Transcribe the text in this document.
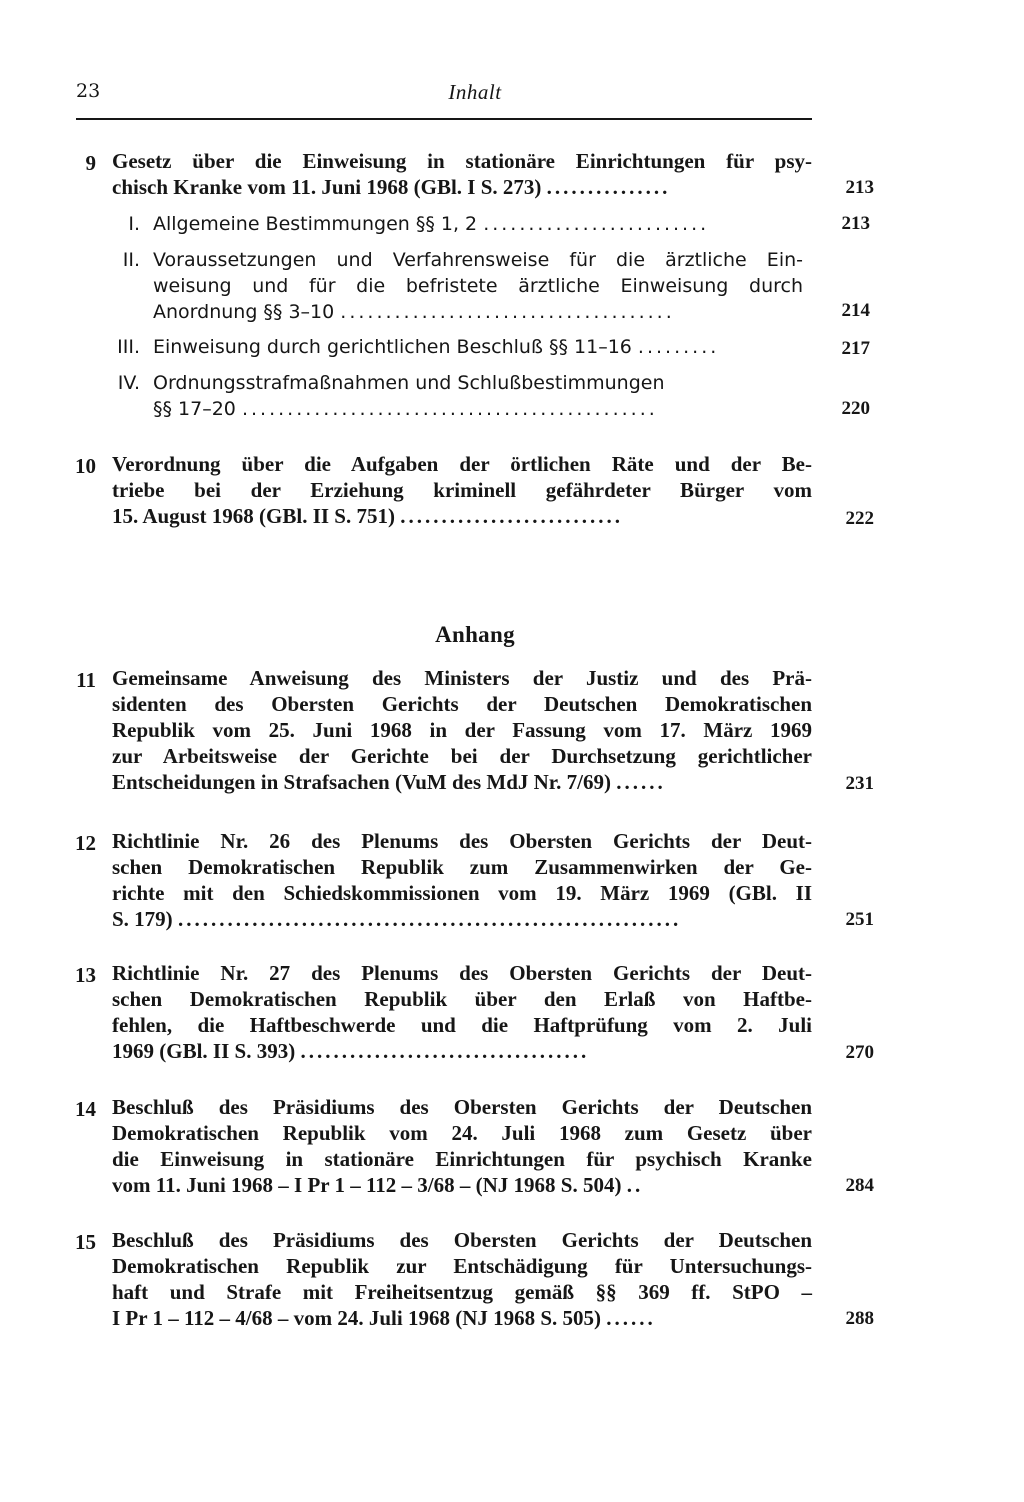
23	Inhalt
9 Gesetz über die Einweisung in stationäre Einrichtungen für psy-
chisch Kranke vom 11. Juni 1968 (GBl. I S. 273) ...............	213
I. Allgemeine Bestimmungen §§ 1, 2 .........................	213
II. Voraussetzungen und Verfahrensweise für die ärztliche Ein-
weisung und für die befristete ärztliche Einweisung durch
Anordnung §§ 3–10 .....................................	214
III. Einweisung durch gerichtlichen Beschluß §§ 11–16 .........	217
IV. Ordnungsstrafmaßnahmen und Schlußbestimmungen
§§ 17–20 ..............................................	220
10 Verordnung über die Aufgaben der örtlichen Räte und der Be-
triebe bei der Erziehung kriminell gefährdeter Bürger vom
15. August 1968 (GBl. II S. 751) ...........................	222
Anhang
11 Gemeinsame Anweisung des Ministers der Justiz und des Prä-
sidenten des Obersten Gerichts der Deutschen Demokratischen
Republik vom 25. Juni 1968 in der Fassung vom 17. März 1969
zur Arbeitsweise der Gerichte bei der Durchsetzung gerichtlicher
Entscheidungen in Strafsachen (VuM des MdJ Nr. 7/69) ......	231
12 Richtlinie Nr. 26 des Plenums des Obersten Gerichts der Deut-
schen Demokratischen Republik zum Zusammenwirken der Ge-
richte mit den Schiedskommissionen vom 19. März 1969 (GBl. II
S. 179) .............................................................	251
13 Richtlinie Nr. 27 des Plenums des Obersten Gerichts der Deut-
schen Demokratischen Republik über den Erlaß von Haftbe-
fehlen, die Haftbeschwerde und die Haftprüfung vom 2. Juli
1969 (GBl. II S. 393) ...................................	270
14 Beschluß des Präsidiums des Obersten Gerichts der Deutschen
Demokratischen Republik vom 24. Juli 1968 zum Gesetz über
die Einweisung in stationäre Einrichtungen für psychisch Kranke
vom 11. Juni 1968 – I Pr 1 – 112 – 3/68 – (NJ 1968 S. 504) ..	284
15 Beschluß des Präsidiums des Obersten Gerichts der Deutschen
Demokratischen Republik zur Entschädigung für Untersuchungs-
haft und Strafe mit Freiheitsentzug gemäß §§ 369 ff. StPO –
I Pr 1 – 112 – 4/68 – vom 24. Juli 1968 (NJ 1968 S. 505) ......	288
